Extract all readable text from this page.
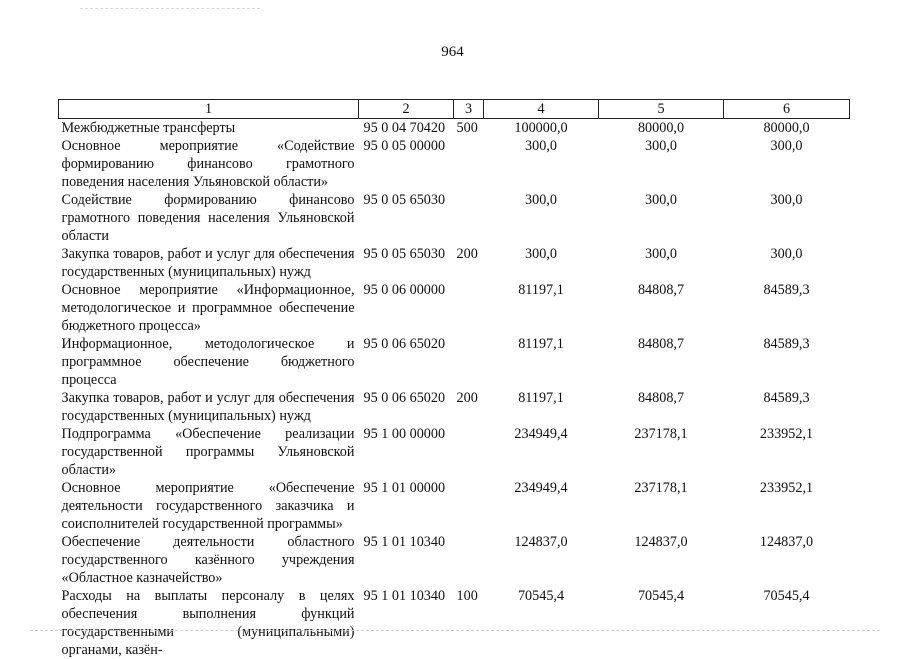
964
1	2	3	4	5	6
Межбюджетные трансферты	95 0 04 70420	500	100000,0	80000,0	80000,0
Основное мероприятие «Содействие формированию финансово грамотного поведения населения Ульяновской области»	95 0 05 00000		300,0	300,0	300,0
Содействие формированию финансово грамотного поведения населения Ульяновской области	95 0 05 65030		300,0	300,0	300,0
Закупка товаров, работ и услуг для обеспечения государственных (муниципальных) нужд	95 0 05 65030	200	300,0	300,0	300,0
Основное мероприятие «Информационное, методологическое и программное обеспечение бюджетного процесса»	95 0 06 00000		81197,1	84808,7	84589,3
Информационное, методологическое и программное обеспечение бюджетного процесса	95 0 06 65020		81197,1	84808,7	84589,3
Закупка товаров, работ и услуг для обеспечения государственных (муниципальных) нужд	95 0 06 65020	200	81197,1	84808,7	84589,3
Подпрограмма «Обеспечение реализации государственной программы Ульяновской области»	95 1 00 00000		234949,4	237178,1	233952,1
Основное мероприятие «Обеспечение деятельности государственного заказчика и соисполнителей государственной программы»	95 1 01 00000		234949,4	237178,1	233952,1
Обеспечение деятельности областного государственного казённого учреждения «Областное казначейство»	95 1 01 10340		124837,0	124837,0	124837,0
Расходы на выплаты персоналу в целях обеспечения выполнения функций государственными (муниципальными) органами, казён-	95 1 01 10340	100	70545,4	70545,4	70545,4
